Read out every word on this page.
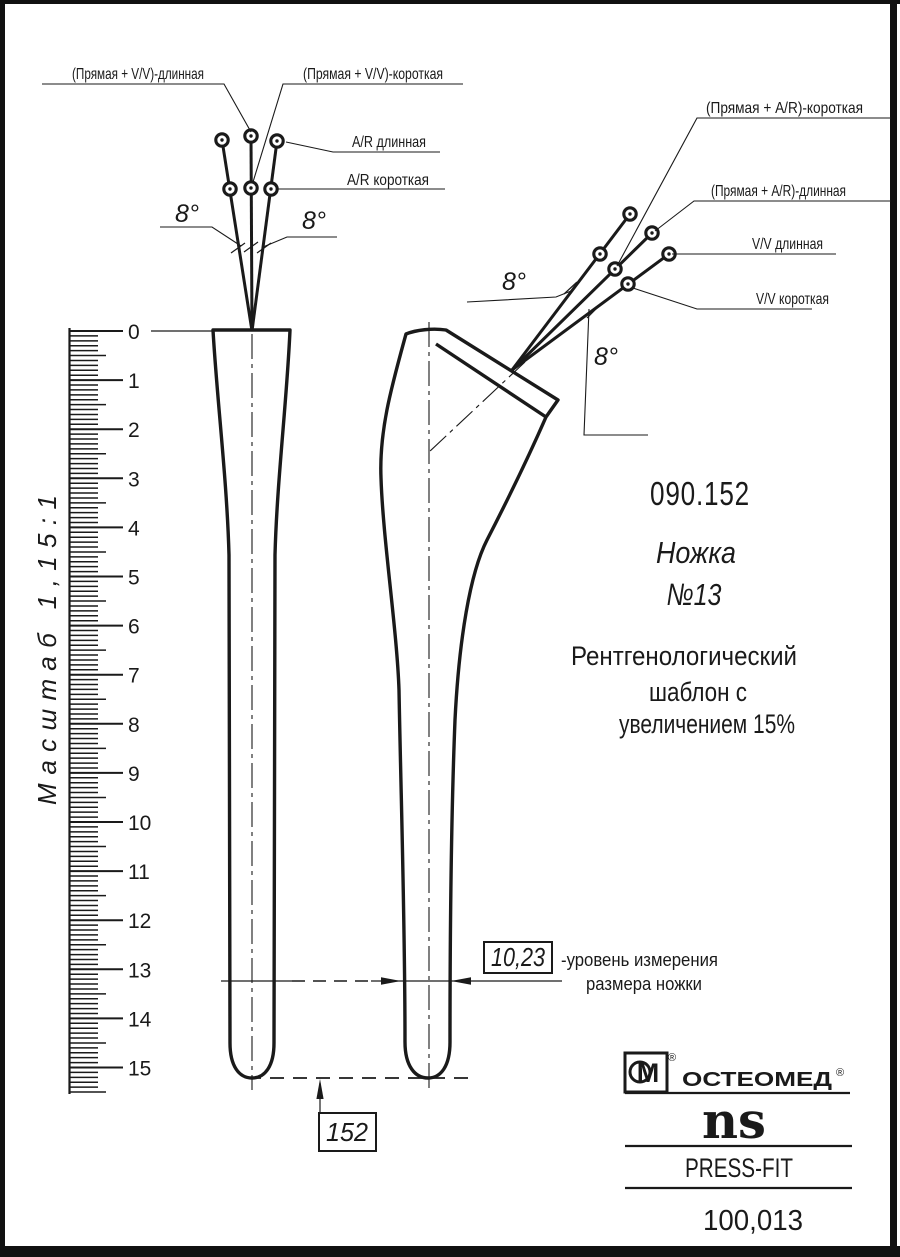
0
1
2
3
4
5
6
7
8
9
10
11
12
13
14
15
Масштаб 1,15:1
(Прямая + V/V)-длинная	(Прямая + V/V)-короткая
A/R длинная
A/R короткая
8°	8°
(Прямая + A/R)-короткая
(Прямая + A/R)-длинная
V/V длинная
V/V короткая
8°
8°
090.152
Ножка
№13
Рентгенологический
шаблон с
увеличением 15%
10,23 -уровень измерения
размера ножки
152
М ®
ОСТЕОМЕД ®
ns
PRESS-FIT
100,013
